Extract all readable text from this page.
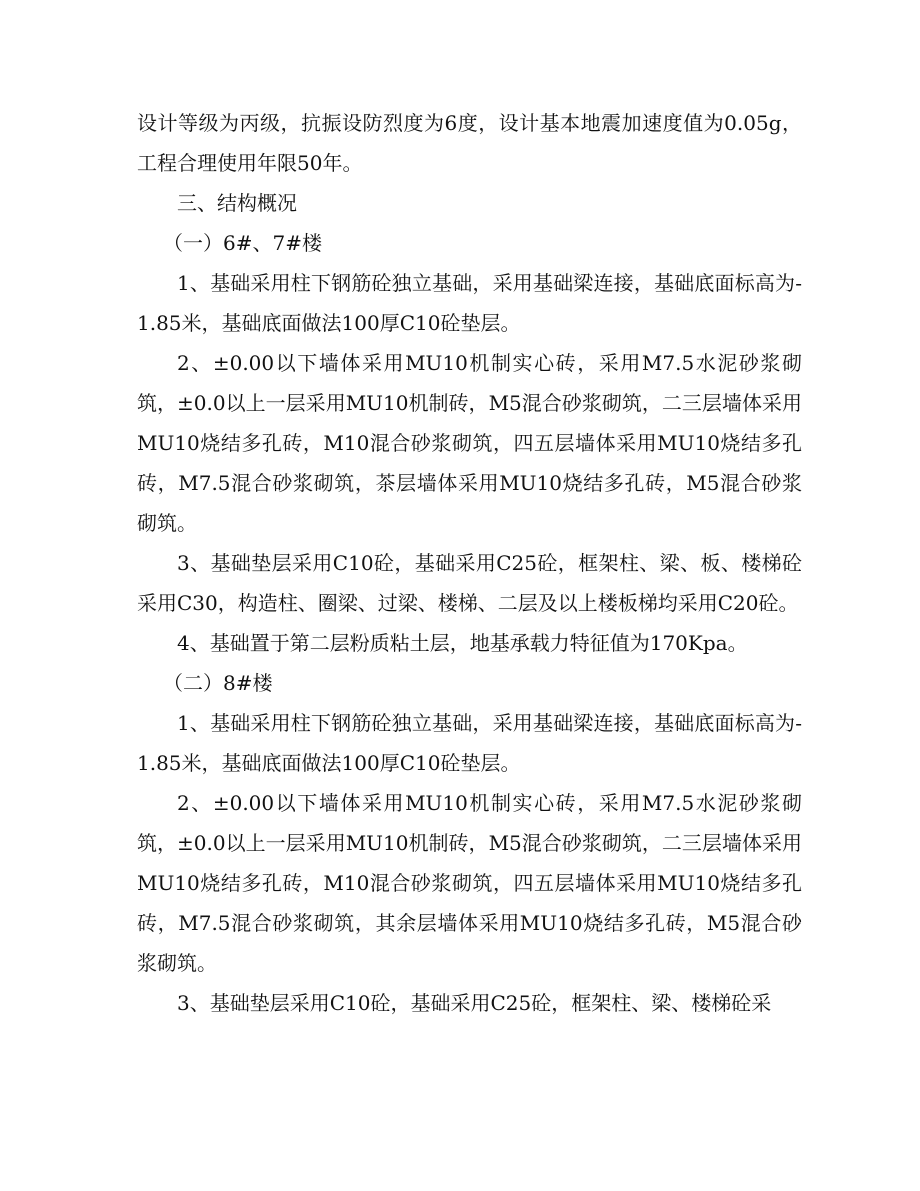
设计等级为丙级，抗振设防烈度为6度，设计基本地震加速度值为0.05g，工程合理使用年限50年。

三、结构概况

（一）6#、7#楼

1、基础采用柱下钢筋砼独立基础，采用基础梁连接，基础底面标高为-1.85米，基础底面做法100厚C10砼垫层。

2、±0.00以下墙体采用MU10机制实心砖，采用M7.5水泥砂浆砌筑，±0.0以上一层采用MU10机制砖，M5混合砂浆砌筑，二三层墙体采用MU10烧结多孔砖，M10混合砂浆砌筑，四五层墙体采用MU10烧结多孔砖，M7.5混合砂浆砌筑，茶层墙体采用MU10烧结多孔砖，M5混合砂浆砌筑。

3、基础垫层采用C10砼，基础采用C25砼，框架柱、梁、板、楼梯砼采用C30，构造柱、圈梁、过梁、楼梯、二层及以上楼板梯均采用C20砼。

4、基础置于第二层粉质粘土层，地基承载力特征值为170Kpa。

（二）8#楼

1、基础采用柱下钢筋砼独立基础，采用基础梁连接，基础底面标高为-1.85米，基础底面做法100厚C10砼垫层。

2、±0.00以下墙体采用MU10机制实心砖，采用M7.5水泥砂浆砌筑，±0.0以上一层采用MU10机制砖，M5混合砂浆砌筑，二三层墙体采用MU10烧结多孔砖，M10混合砂浆砌筑，四五层墙体采用MU10烧结多孔砖，M7.5混合砂浆砌筑，其余层墙体采用MU10烧结多孔砖，M5混合砂浆砌筑。

3、基础垫层采用C10砼，基础采用C25砼，框架柱、梁、楼梯砼采
